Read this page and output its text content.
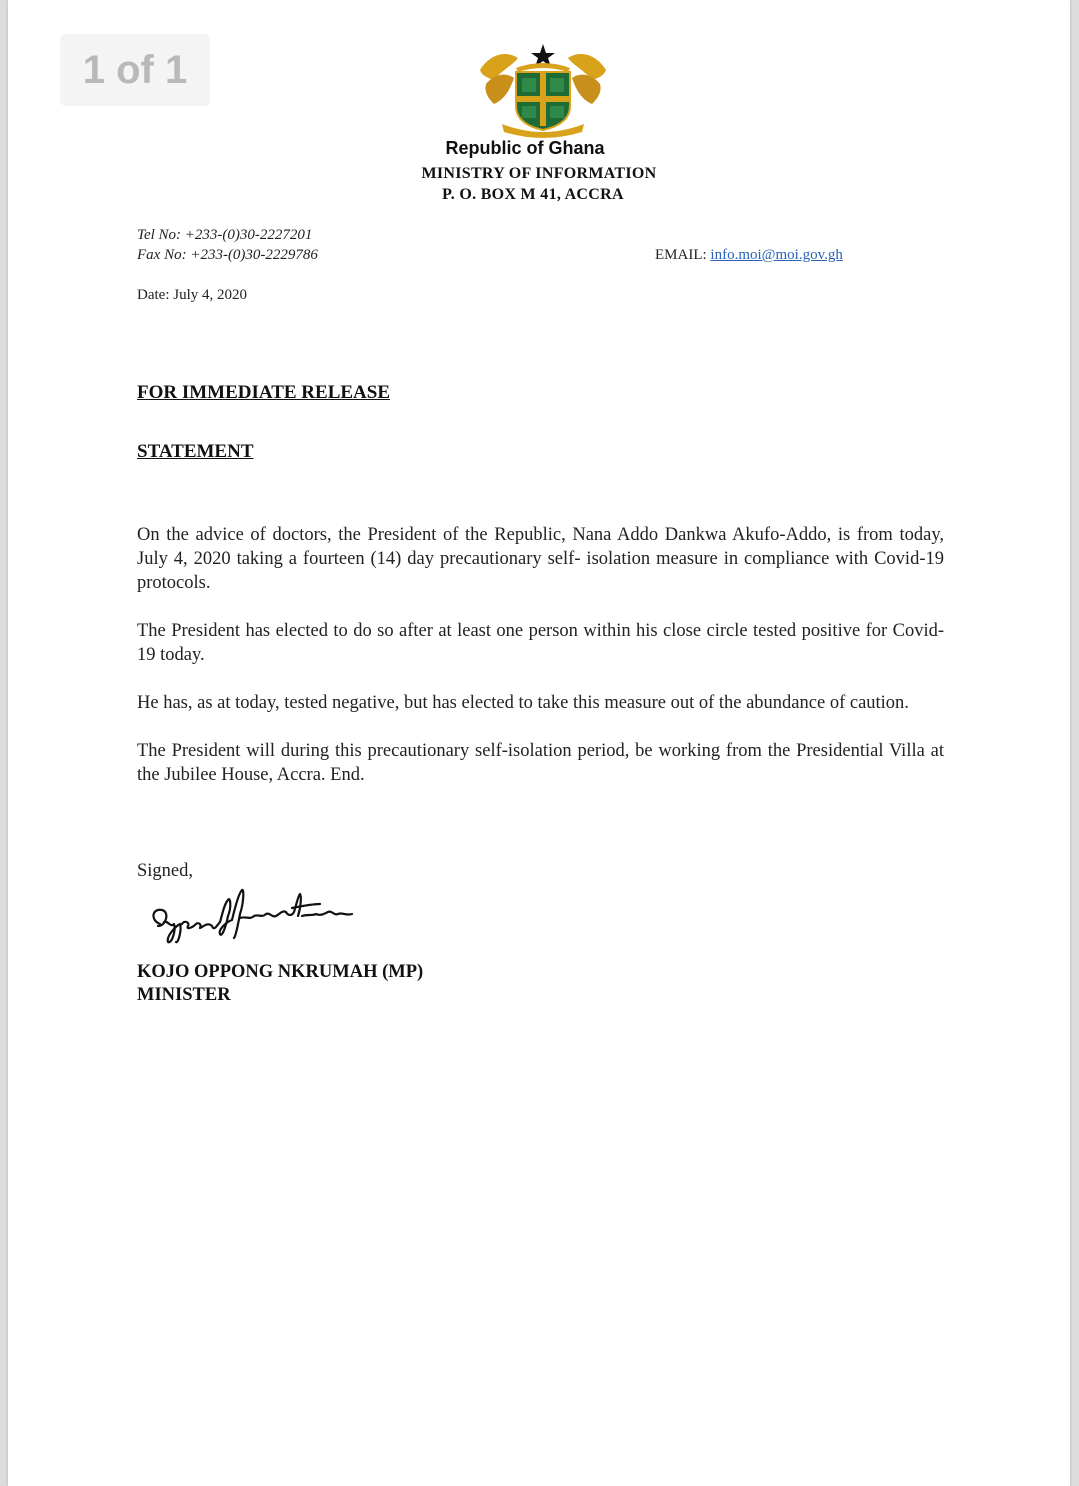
1 of 1
Republic of Ghana
MINISTRY OF INFORMATION
P. O. BOX M 41, ACCRA
Tel No: +233-(0)30-2227201
Fax No: +233-(0)30-2229786	EMAIL: info.moi@moi.gov.gh
Date: July 4, 2020
FOR IMMEDIATE RELEASE
STATEMENT

On the advice of doctors, the President of the Republic, Nana Addo Dankwa Akufo-Addo, is from today, July 4, 2020 taking a fourteen (14) day precautionary self- isolation measure in compliance with Covid-19 protocols.

The President has elected to do so after at least one person within his close circle tested positive for Covid-19 today.

He has, as at today, tested negative, but has elected to take this measure out of the abundance of caution.

The President will during this precautionary self-isolation period, be working from the Presidential Villa at the Jubilee House, Accra. End.

Signed,
KOJO OPPONG NKRUMAH (MP)
MINISTER
